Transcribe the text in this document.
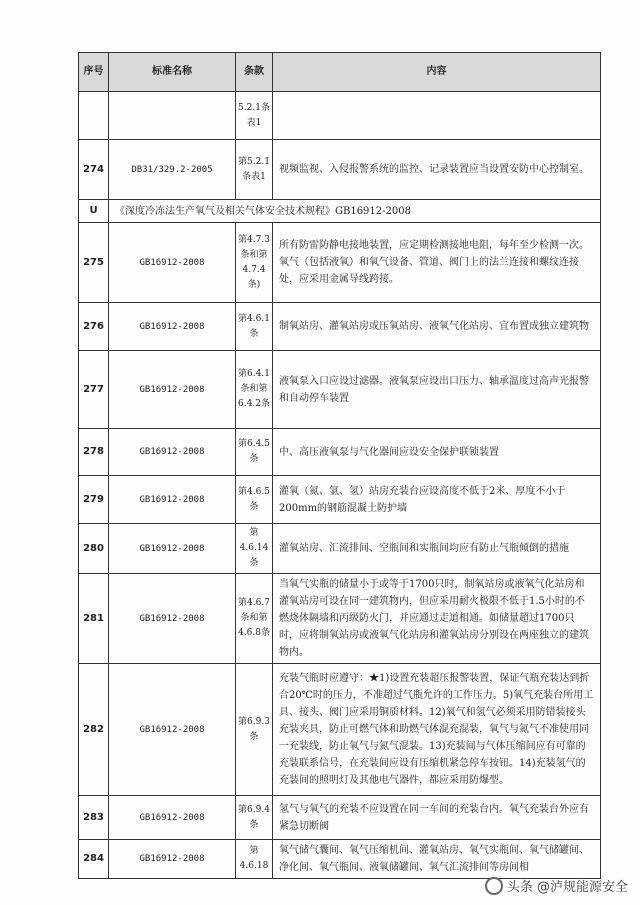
序号	标准名称	条款	内容
		5.2.1条表1	
274	DB31/329.2-2005	第5.2.1条表1	视频监视、入侵报警系统的监控、记录装置应当设置安防中心控制室。
U	《深度冷冻法生产氧气及相关气体安全技术规程》GB16912-2008		
275	GB16912-2008	第4.7.3条和第4.7.4条)	所有防雷防静电接地装置，应定期检测接地电阻，每年至少检测一次。氧气（包括液氧）和氧气设备、管道、阀门上的法兰连接和螺纹连接处，应采用金属导线跨接。
276	GB16912-2008	第4.6.1条	制氧站房、灌氧站房或压氧站房、液氧气化站房、宜布置成独立建筑物
277	GB16912-2008	第6.4.1条和第6.4.2条	液氧泵入口应设过滤器。液氧泵应设出口压力、轴承温度过高声光报警和自动停车装置
278	GB16912-2008	第6.4.5条	中、高压液氧泵与气化器间应设安全保护联锁装置
279	GB16912-2008	第4.6.5条	灌氧（氮、氩、氢）站房充装台应设高度不低于2米、厚度不小于200mm的钢筋混凝土防护墙
280	GB16912-2008	第4.6.14条	灌氧站房、汇流排间、空瓶间和实瓶间均应有防止气瓶倾倒的措施
281	GB16912-2008	第4.6.7条和第4.6.8条	当氧气实瓶的储量小于或等于1700只时，制氧站房或液氧气化站房和灌氧站房可设在同一建筑物内，但应采用耐火极限不低于1.5小时的不燃烧体隔墙和丙级防火门，并应通过走道相通。如储量超过1700只时，应将制氧站房或液氧气化站房和灌氧站房分别设在两座独立的建筑物内。
282	GB16912-2008	第6.9.3条	充装气瓶时应遵守：★1)设置充装超压报警装置，保证气瓶充装达到折合20℃时的压力，不准超过气瓶允许的工作压力。5)氧气充装台所用工具、接头、阀门应采用铜质材料。12)氧气和氢气必须采用防错装接头充装夹具，防止可燃气体和助燃气体混充混装，氧气与氮气不准使用同一充装线，防止氧气与氮气混装。13)充装间与气体压缩间应有可靠的充装联系信号，在充装间应设有压缩机紧急停车按钮。14)充装氢气的充装间的照明灯及其他电气器件，都应采用防爆型。
283	GB16912-2008	第6.9.4条	氢气与氧气的充装不应设置在同一车间的充装台内。氧气充装台外应有紧急切断阀
284	GB16912-2008	第4.6.18	氧气储气囊间、氧气压缩机间、灌氧站房、氧气实瓶间、氧气储罐间、净化间、氧气瓶间、液氧储罐间、氧气汇流排间等房间相
头条 @泸规能源安全
